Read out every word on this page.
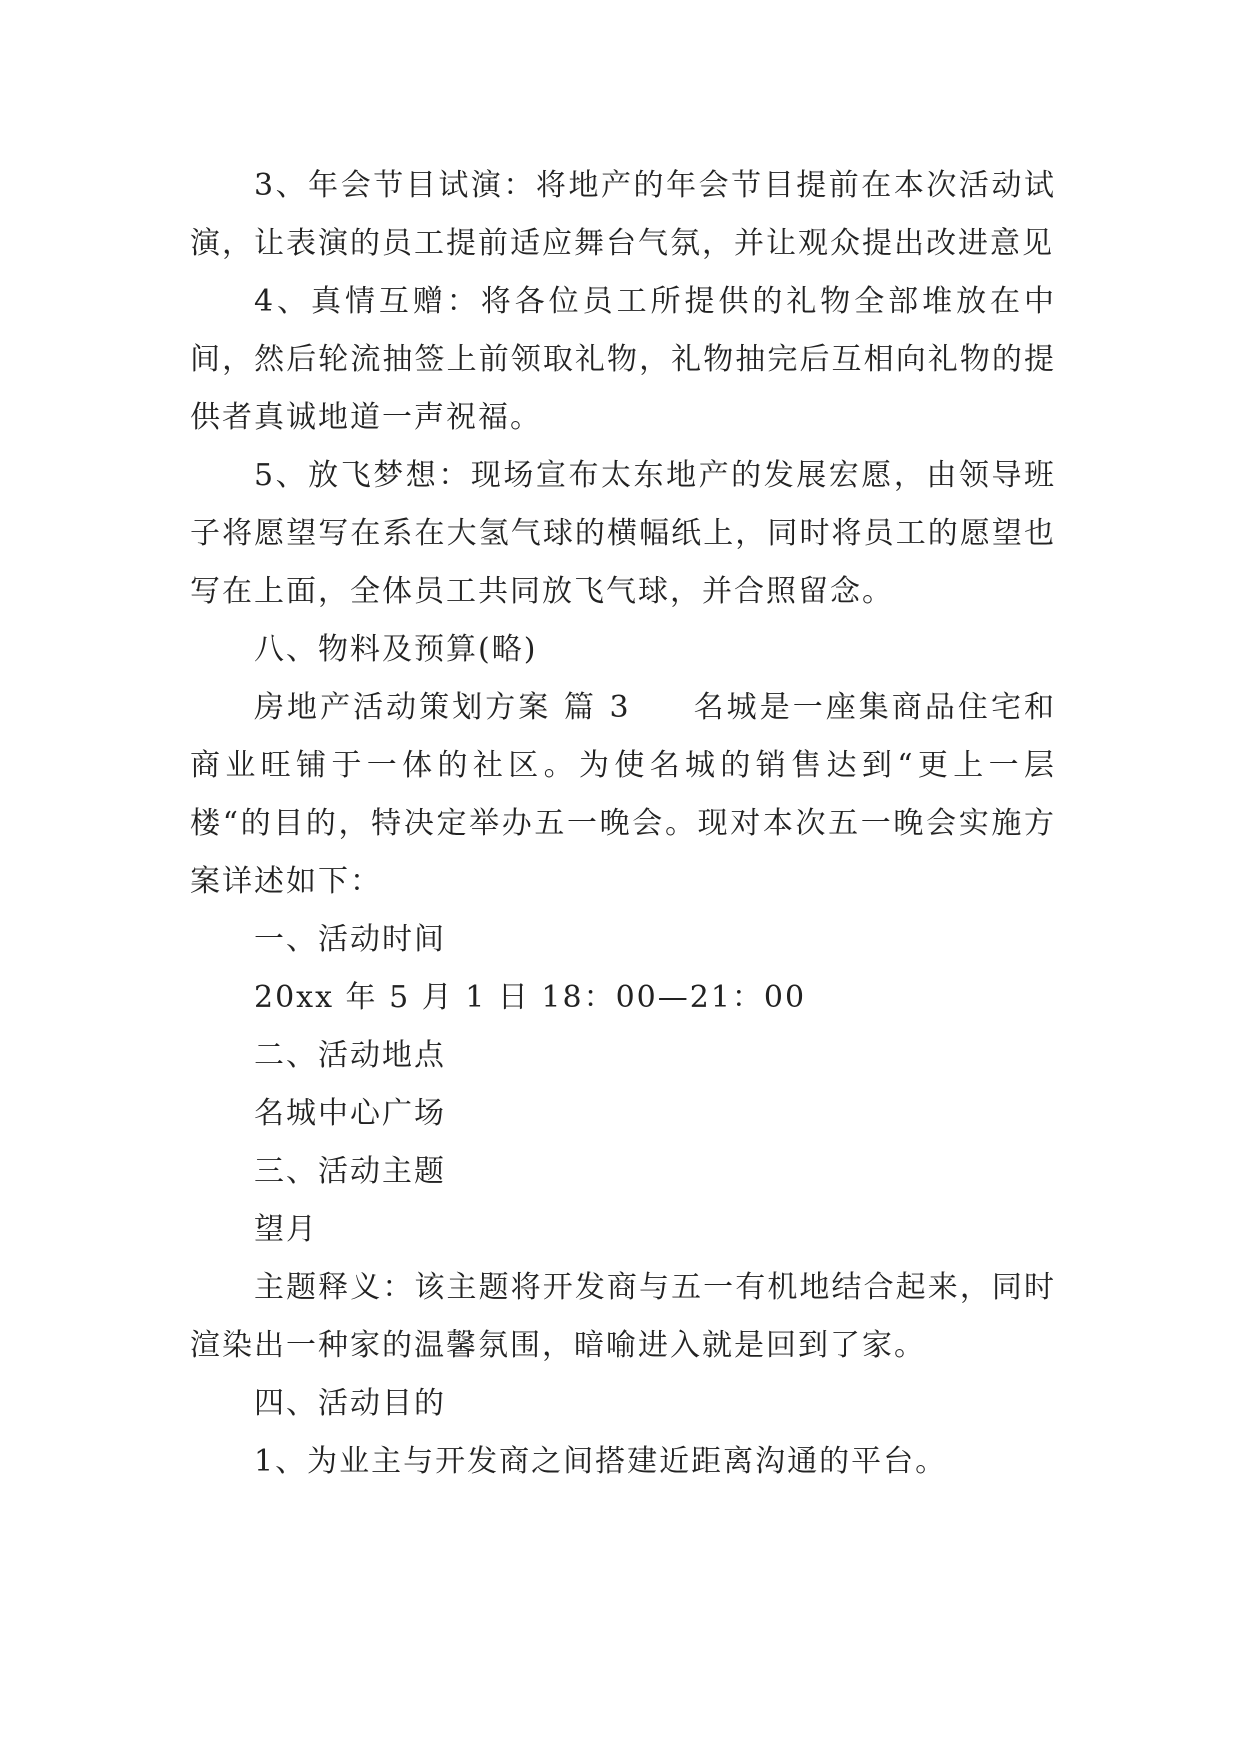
3、年会节目试演：将地产的年会节目提前在本次活动试演，让表演的员工提前适应舞台气氛，并让观众提出改进意见

4、真情互赠：将各位员工所提供的礼物全部堆放在中间，然后轮流抽签上前领取礼物，礼物抽完后互相向礼物的提供者真诚地道一声祝福。

5、放飞梦想：现场宣布太东地产的发展宏愿，由领导班子将愿望写在系在大氢气球的横幅纸上，同时将员工的愿望也写在上面，全体员工共同放飞气球，并合照留念。

八、物料及预算(略)

房地产活动策划方案 篇 3 名城是一座集商品住宅和商业旺铺于一体的社区。为使名城的销售达到“更上一层楼“的目的，特决定举办五一晚会。现对本次五一晚会实施方案详述如下：

一、活动时间

20xx 年 5 月 1 日 18：00—21：00

二、活动地点

名城中心广场

三、活动主题

望月

主题释义：该主题将开发商与五一有机地结合起来，同时渲染出一种家的温馨氛围，暗喻进入就是回到了家。

四、活动目的

1、为业主与开发商之间搭建近距离沟通的平台。
